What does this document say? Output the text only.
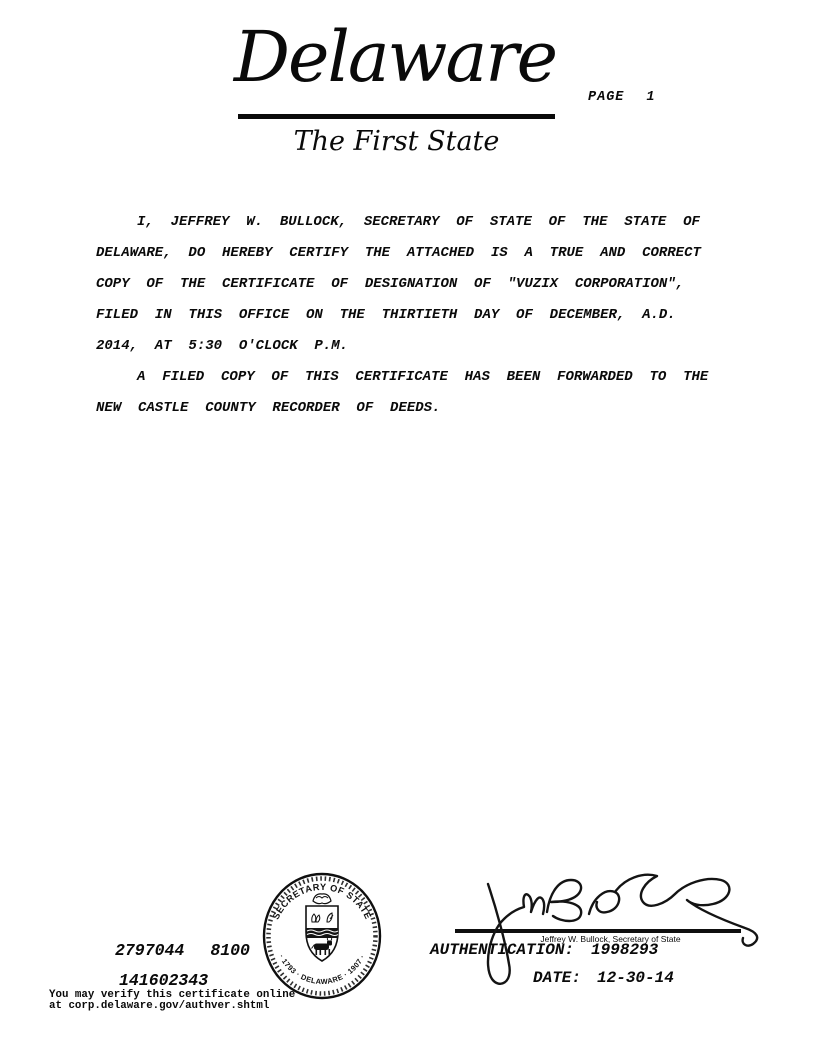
Delaware
The First State
PAGE 1
I, JEFFREY W. BULLOCK, SECRETARY OF STATE OF THE STATE OF
DELAWARE, DO HEREBY CERTIFY THE ATTACHED IS A TRUE AND CORRECT
COPY OF THE CERTIFICATE OF DESIGNATION OF "VUZIX CORPORATION",
FILED IN THIS OFFICE ON THE THIRTIETH DAY OF DECEMBER, A.D.
2014, AT 5:30 O'CLOCK P.M.
A FILED COPY OF THIS CERTIFICATE HAS BEEN FORWARDED TO THE
NEW CASTLE COUNTY RECORDER OF DEEDS.
2797044 8100
141602343
You may verify this certificate online
at corp.delaware.gov/authver.shtml
SECRETARY OF STATE
· 1793 · DELAWARE · 1907 ·
Jeffrey W. Bullock, Secretary of State
AUTHENTICATION: 1998293
DATE: 12-30-14
